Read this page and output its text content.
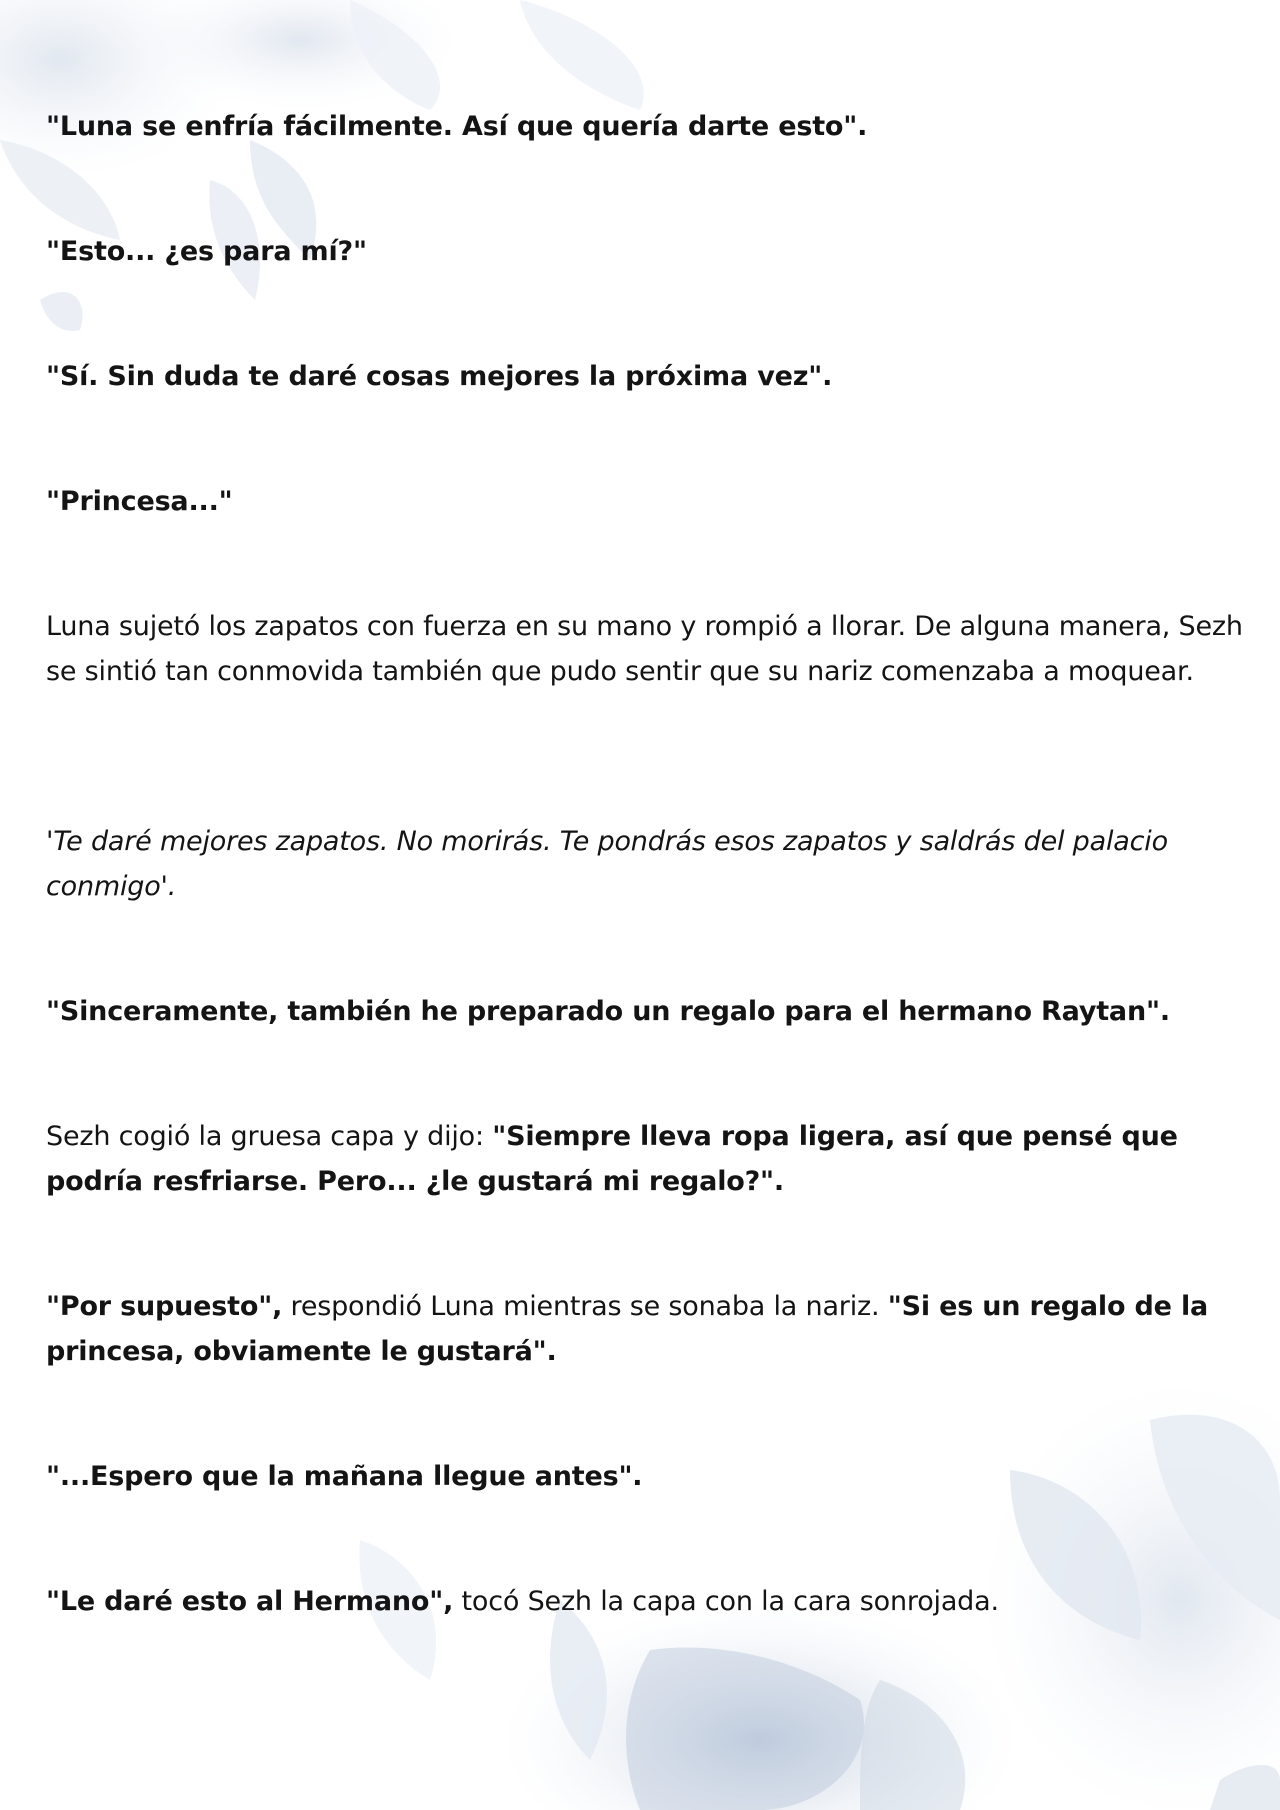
"Luna se enfría fácilmente. Así que quería darte esto".

"Esto... ¿es para mí?"

"Sí. Sin duda te daré cosas mejores la próxima vez".

"Princesa..."

Luna sujetó los zapatos con fuerza en su mano y rompió a llorar. De alguna manera, Sezh se sintió tan conmovida también que pudo sentir que su nariz comenzaba a moquear.

'Te daré mejores zapatos. No morirás. Te pondrás esos zapatos y saldrás del palacio conmigo'.

"Sinceramente, también he preparado un regalo para el hermano Raytan".

Sezh cogió la gruesa capa y dijo: "Siempre lleva ropa ligera, así que pensé que podría resfriarse. Pero... ¿le gustará mi regalo?".

"Por supuesto", respondió Luna mientras se sonaba la nariz. "Si es un regalo de la princesa, obviamente le gustará".

"...Espero que la mañana llegue antes".

"Le daré esto al Hermano", tocó Sezh la capa con la cara sonrojada.
